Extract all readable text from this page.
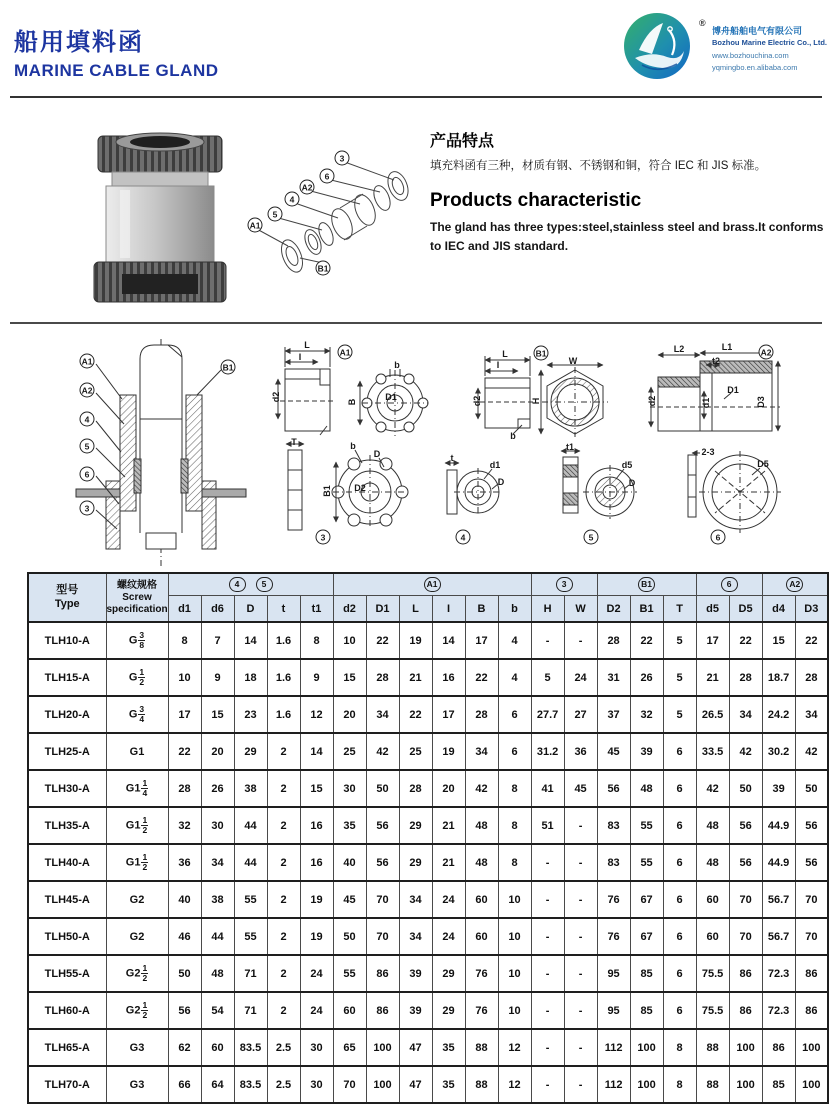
船用填料函
MARINE CABLE GLAND
®
博舟船舶电气有限公司
Bozhou Marine Electric Co., Ltd.
www.bozhouchina.com
yqmingbo.en.alibaba.com
产品特点
填充料函有三种，材质有钢、不锈钢和铜，符合 IEC 和 JIS 标准。
Products characteristic
The gland has three types:steel,stainless steel and brass.It conforms to IEC and JIS standard.
型号
Type

螺纹规格
Screw
specification
	4	5	A1	3	B1	6	A2
		d1	d6	D	t	t1	d2	D1	L	I	B	b	H	W	D2	B1	T	d5	D5	d4	D3
TLH10-A	G $\frac{3}{8}$	8	7	14	1.6	8	10	22	19	14	17	4	-	-	28	22	5	17	22	15	22
TLH15-A	G $\frac{1}{2}$	10	9	18	1.6	9	15	28	21	16	22	4	5	24	31	26	5	21	28	18.7	28
TLH20-A	G $\frac{3}{4}$	17	15	23	1.6	12	20	34	22	17	28	6	27.7	27	37	32	5	26.5	34	24.2	34
TLH25-A	G1	22	20	29	2	14	25	42	25	19	34	6	31.2	36	45	39	6	33.5	42	30.2	42
TLH30-A	$G1 \frac{1}{4}$	28	26	38	2	15	30	50	28	20	42	8	41	45	56	48	6	42	50	39	50
TLH35-A	$G1 \frac{1}{2}$	32	30	44	2	16	35	56	29	21	48	8	51	-	83	55	6	48	56	44.9	56
TLH40-A	$G1 \frac{1}{2}$	36	34	44	2	16	40	56	29	21	48	8	-	-	83	55	6	48	56	44.9	56
TLH45-A	G2	40	38	55	2	19	45	70	34	24	60	10	-	-	76	67	6	60	70	56.7	70
TLH50-A	G2	46	44	55	2	19	50	70	34	24	60	10	-	-	76	67	6	60	70	56.7	70
TLH55-A	$G2 \frac{1}{2}$	50	48	71	2	24	55	86	39	29	76	10	-	-	95	85	6	75.5	86	72.3	86
TLH60-A	$G2 \frac{1}{2}$	56	54	71	2	24	60	86	39	29	76	10	-	-	95	85	6	75.5	86	72.3	86
TLH65-A	G3	62	60	83.5	2.5	30	65	100	47	35	88	12	-	-	112	100	8	88	100	86	100
TLH70-A	G3	66	64	83.5	2.5	30	70	100	47	35	88	12	-	-	112	100	8	88	100	85	100
A1
A2
4
5
6
3
B1
A1
L
I
d2
b
B	D1
T	b
D
B1 D2
3
B1
L
I
d2
b
W
H
t
d1
D
4
t1
d5
D
5
A2
L2	L1
t2
d2	d1
D1
D3
2-3
D5
6
3
6
A2
4
5
A1
B1
